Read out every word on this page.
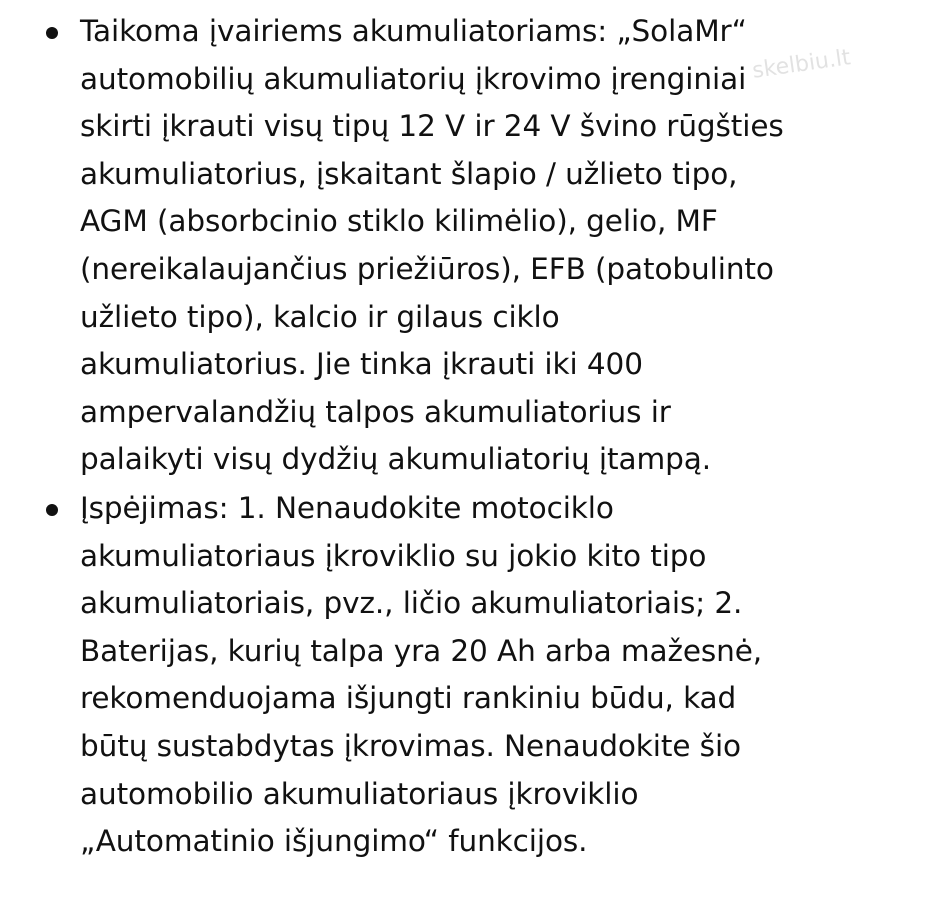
skelbiu.lt
Taikoma įvairiems akumuliatoriams: „SolaMr“
automobilių akumuliatorių įkrovimo įrenginiai
skirti įkrauti visų tipų 12 V ir 24 V švino rūgšties
akumuliatorius, įskaitant šlapio / užlieto tipo,
AGM (absorbcinio stiklo kilimėlio), gelio, MF
(nereikalaujančius priežiūros), EFB (patobulinto
užlieto tipo), kalcio ir gilaus ciklo
akumuliatorius. Jie tinka įkrauti iki 400
ampervalandžių talpos akumuliatorius ir
palaikyti visų dydžių akumuliatorių įtampą.
Įspėjimas: 1. Nenaudokite motociklo
akumuliatoriaus įkroviklio su jokio kito tipo
akumuliatoriais, pvz., ličio akumuliatoriais; 2.
Baterijas, kurių talpa yra 20 Ah arba mažesnė,
rekomenduojama išjungti rankiniu būdu, kad
būtų sustabdytas įkrovimas. Nenaudokite šio
automobilio akumuliatoriaus įkroviklio
„Automatinio išjungimo“ funkcijos.
